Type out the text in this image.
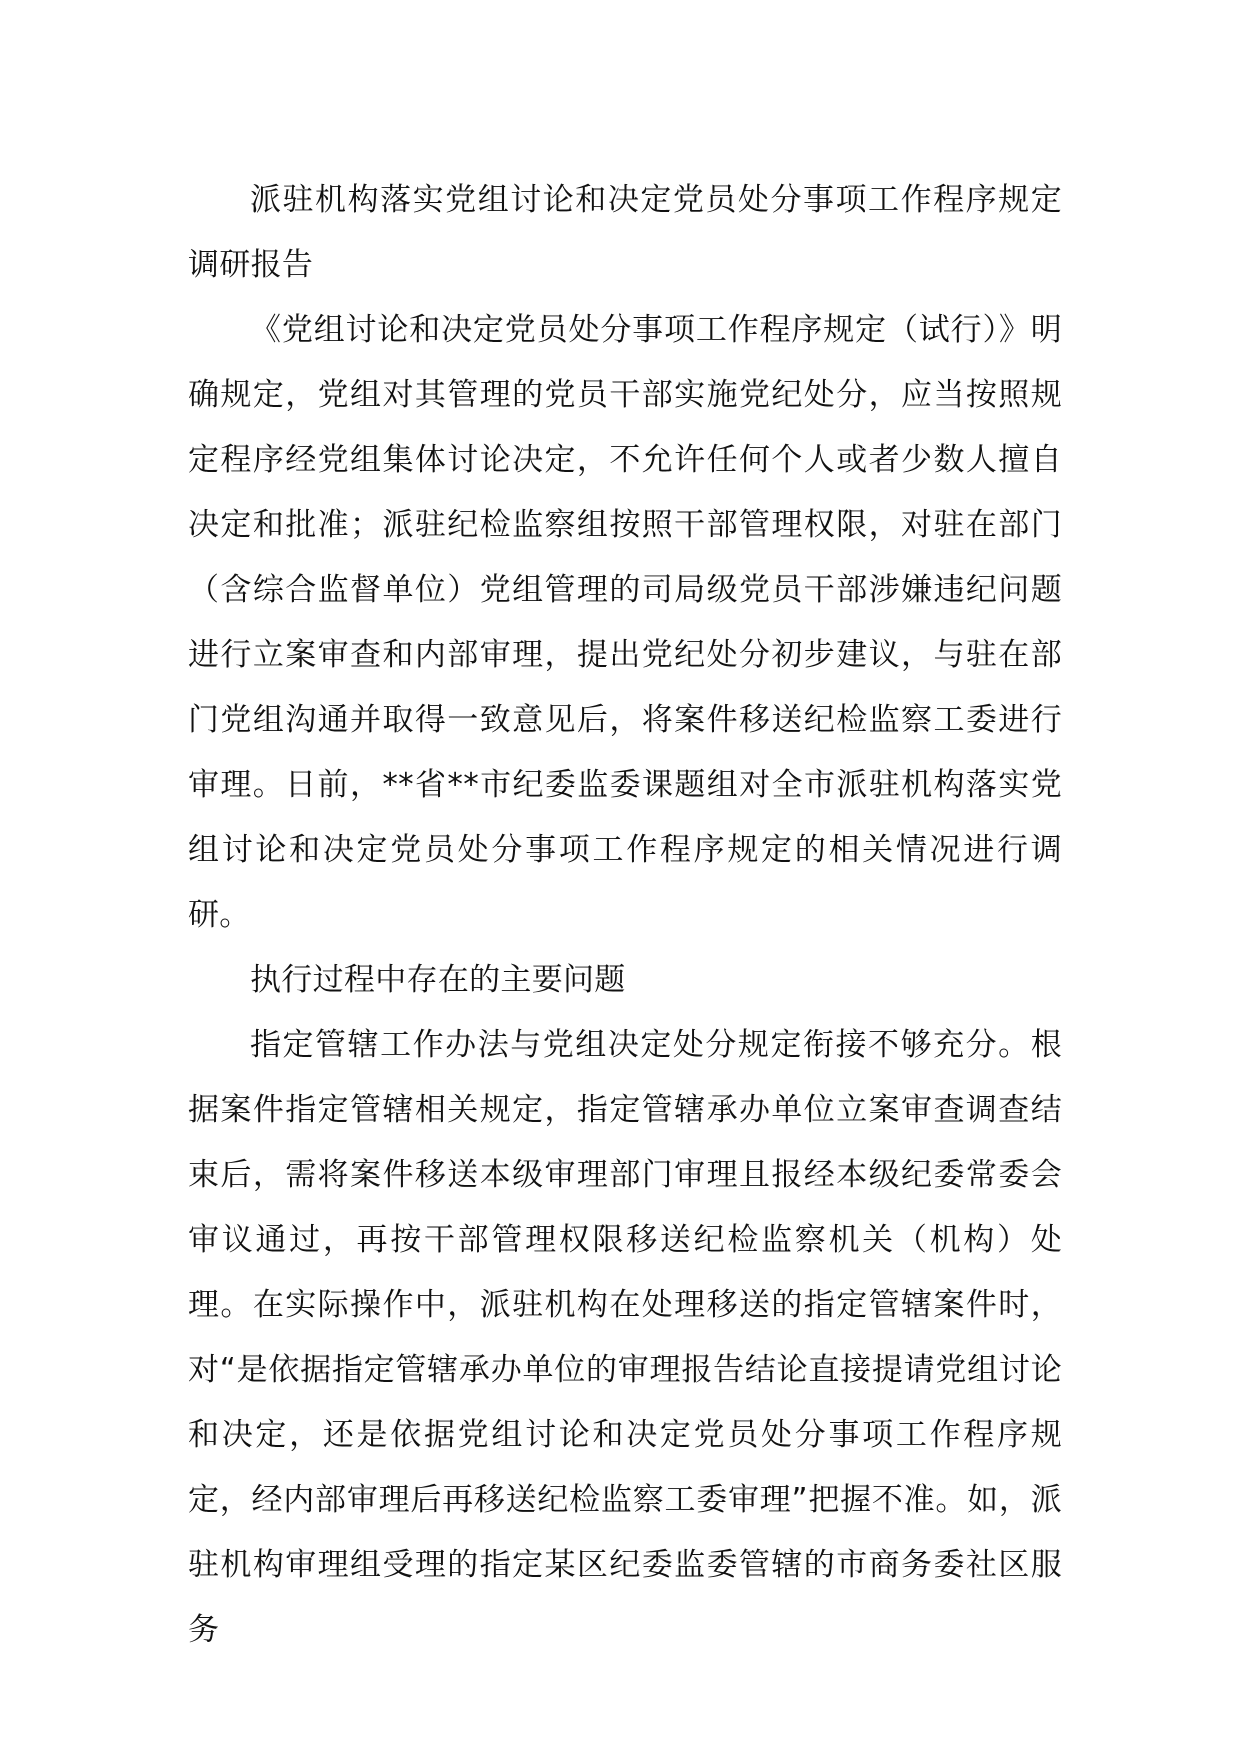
派驻机构落实党组讨论和决定党员处分事项工作程序规定调研报告

《党组讨论和决定党员处分事项工作程序规定（试行）》明确规定，党组对其管理的党员干部实施党纪处分，应当按照规定程序经党组集体讨论决定，不允许任何个人或者少数人擅自决定和批准；派驻纪检监察组按照干部管理权限，对驻在部门（含综合监督单位）党组管理的司局级党员干部涉嫌违纪问题进行立案审查和内部审理，提出党纪处分初步建议，与驻在部门党组沟通并取得一致意见后，将案件移送纪检监察工委进行审理。日前，**省**市纪委监委课题组对全市派驻机构落实党组讨论和决定党员处分事项工作程序规定的相关情况进行调研。

执行过程中存在的主要问题

指定管辖工作办法与党组决定处分规定衔接不够充分。根据案件指定管辖相关规定，指定管辖承办单位立案审查调查结束后，需将案件移送本级审理部门审理且报经本级纪委常委会审议通过，再按干部管理权限移送纪检监察机关（机构）处理。在实际操作中，派驻机构在处理移送的指定管辖案件时，对“是依据指定管辖承办单位的审理报告结论直接提请党组讨论和决定，还是依据党组讨论和决定党员处分事项工作程序规定，经内部审理后再移送纪检监察工委审理”把握不准。如，派驻机构审理组受理的指定某区纪委监委管辖的市商务委社区服务
